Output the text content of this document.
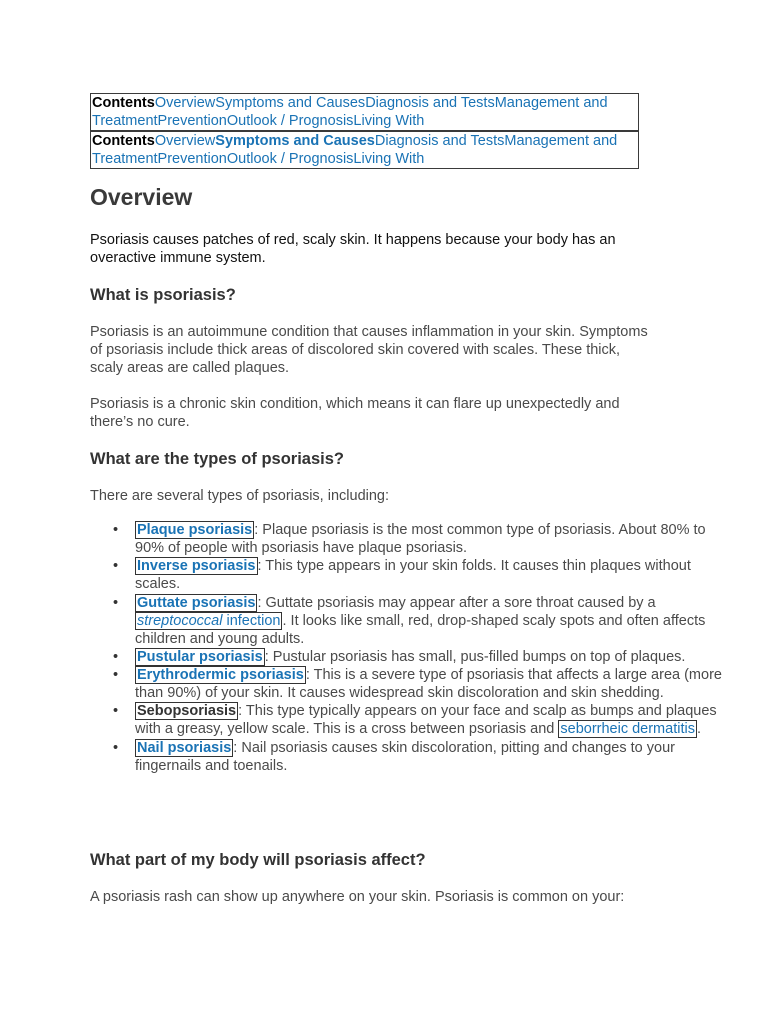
ContentsOverviewSymptoms and CausesDiagnosis and TestsManagement and TreatmentPreventionOutlook / PrognosisLiving With
ContentsOverviewSymptoms and CausesDiagnosis and TestsManagement and TreatmentPreventionOutlook / PrognosisLiving With
Overview

Psoriasis causes patches of red, scaly skin. It happens because your body has an overactive immune system.

What is psoriasis?

Psoriasis is an autoimmune condition that causes inflammation in your skin. Symptoms of psoriasis include thick areas of discolored skin covered with scales. These thick, scaly areas are called plaques.

Psoriasis is a chronic skin condition, which means it can flare up unexpectedly and there’s no cure.

What are the types of psoriasis?

There are several types of psoriasis, including:

• Plaque psoriasis : Plaque psoriasis is the most common type of psoriasis. About 80% to 90% of people with psoriasis have plaque psoriasis.
• Inverse psoriasis : This type appears in your skin folds. It causes thin plaques without scales.
• Guttate psoriasis : Guttate psoriasis may appear after a sore throat caused by a streptococcal infection . It looks like small, red, drop-shaped scaly spots and often affects children and young adults.
• Pustular psoriasis : Pustular psoriasis has small, pus-filled bumps on top of plaques.
• Erythrodermic psoriasis : This is a severe type of psoriasis that affects a large area (more than 90%) of your skin. It causes widespread skin discoloration and skin shedding.
• Sebopsoriasis : This type typically appears on your face and scalp as bumps and plaques with a greasy, yellow scale. This is a cross between psoriasis and seborrheic dermatitis .
• Nail psoriasis : Nail psoriasis causes skin discoloration, pitting and changes to your fingernails and toenails.
What part of my body will psoriasis affect?

A psoriasis rash can show up anywhere on your skin. Psoriasis is common on your:
